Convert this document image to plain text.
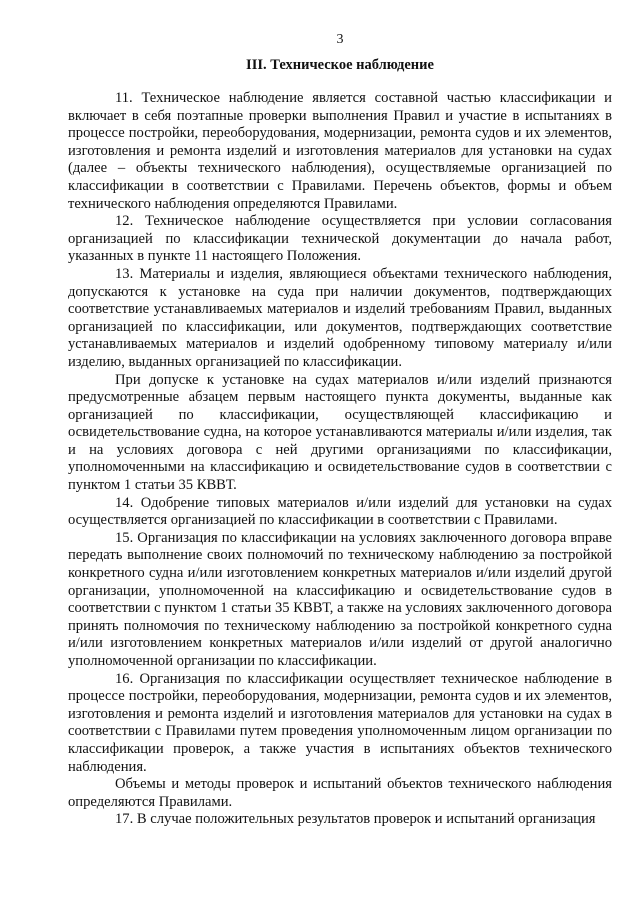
3
III. Техническое наблюдение

11. Техническое наблюдение является составной частью классификации и включает в себя поэтапные проверки выполнения Правил и участие в испытаниях в процессе постройки, переоборудования, модернизации, ремонта судов и их элементов, изготовления и ремонта изделий и изготовления материалов для установки на судах (далее – объекты технического наблюдения), осуществляемые организацией по классификации в соответствии с Правилами. Перечень объектов, формы и объем технического наблюдения определяются Правилами.

12. Техническое наблюдение осуществляется при условии согласования организацией по классификации технической документации до начала работ, указанных в пункте 11 настоящего Положения.

13. Материалы и изделия, являющиеся объектами технического наблюдения, допускаются к установке на суда при наличии документов, подтверждающих соответствие устанавливаемых материалов и изделий требованиям Правил, выданных организацией по классификации, или документов, подтверждающих соответствие устанавливаемых материалов и изделий одобренному типовому материалу и/или изделию, выданных организацией по классификации.

При допуске к установке на судах материалов и/или изделий признаются предусмотренные абзацем первым настоящего пункта документы, выданные как организацией по классификации, осуществляющей классификацию и освидетельствование судна, на которое устанавливаются материалы и/или изделия, так и на условиях договора с ней другими организациями по классификации, уполномоченными на классификацию и освидетельствование судов в соответствии с пунктом 1 статьи 35 КВВТ.

14. Одобрение типовых материалов и/или изделий для установки на судах осуществляется организацией по классификации в соответствии с Правилами.

15. Организация по классификации на условиях заключенного договора вправе передать выполнение своих полномочий по техническому наблюдению за постройкой конкретного судна и/или изготовлением конкретных материалов и/или изделий другой организации, уполномоченной на классификацию и освидетельствование судов в соответствии с пунктом 1 статьи 35 КВВТ, а также на условиях заключенного договора принять полномочия по техническому наблюдению за постройкой конкретного судна и/или изготовлением конкретных материалов и/или изделий от другой аналогично уполномоченной организации по классификации.

16. Организация по классификации осуществляет техническое наблюдение в процессе постройки, переоборудования, модернизации, ремонта судов и их элементов, изготовления и ремонта изделий и изготовления материалов для установки на судах в соответствии с Правилами путем проведения уполномоченным лицом организации по классификации проверок, а также участия в испытаниях объектов технического наблюдения.

Объемы и методы проверок и испытаний объектов технического наблюдения определяются Правилами.

17. В случае положительных результатов проверок и испытаний организация
